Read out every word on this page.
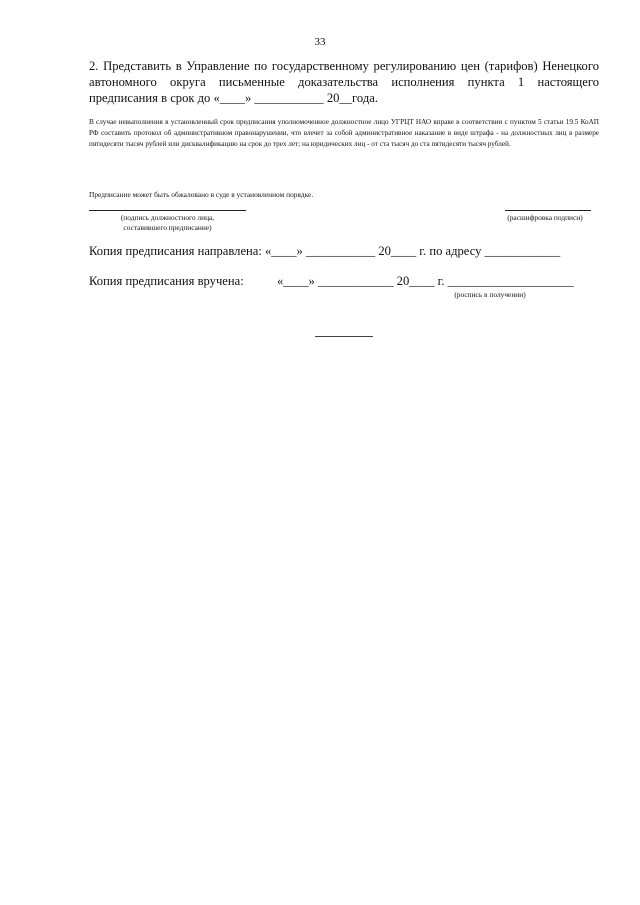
33
2. Представить в Управление по государственному регулированию цен (тарифов) Ненецкого автономного округа письменные доказательства исполнения пункта 1 настоящего предписания в срок до «____» ___________ 20__года.
В случае невыполнения в установленный срок предписания уполномоченное должностное лицо УГРЦТ НАО вправе в соответствии с пунктом 5 статьи 19.5 КоАП РФ составить протокол об административном правонарушении, что влечет за собой административное наказание в виде штрафа - на должностных лиц в размере пятидесяти тысяч рублей или дисквалификацию на срок до трех лет; на юридических лиц - от ста тысяч до ста пятидесяти тысяч рублей.
Предписание может быть обжаловано в суде в установленном порядке.
(подпись должностного лица,
составившего предписание)
(расшифровка подписи)
Копия предписания направлена: «____» ___________ 20____ г. по адресу ____________
Копия предписания вручена:	«____» ____________ 20____ г. ____________________
(роспись в получении)
